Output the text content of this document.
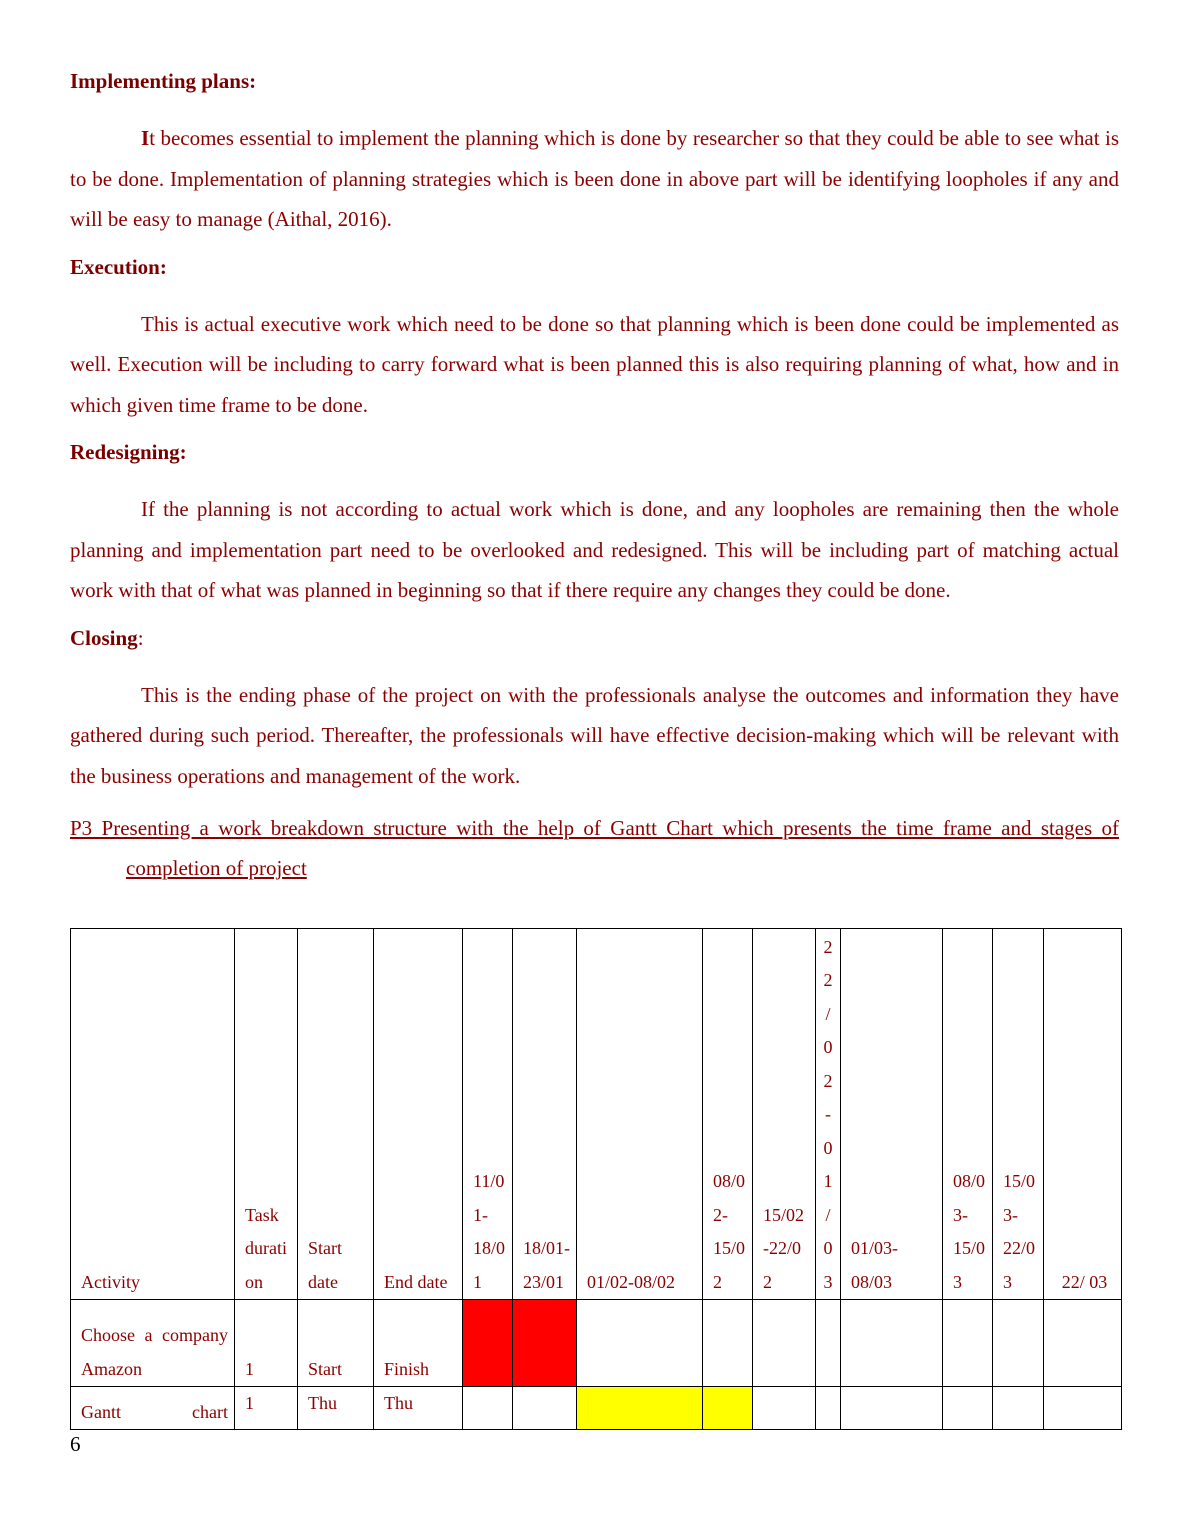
Implementing plans:

It becomes essential to implement the planning which is done by researcher so that they could be able to see what is to be done. Implementation of planning strategies which is been done in above part will be identifying loopholes if any and will be easy to manage (Aithal, 2016).

Execution:

This is actual executive work which need to be done so that planning which is been done could be implemented as well. Execution will be including to carry forward what is been planned this is also requiring planning of what, how and in which given time frame to be done.

Redesigning:

If the planning is not according to actual work which is done, and any loopholes are remaining then the whole planning and implementation part need to be overlooked and redesigned. This will be including part of matching actual work with that of what was planned in beginning so that if there require any changes they could be done.

Closing:

This is the ending phase of the project on with the professionals analyse the outcomes and information they have gathered during such period. Thereafter, the professionals will have effective decision-making which will be relevant with the business operations and management of the work.

P3 Presenting a work breakdown structure with the help of Gantt Chart which presents the time frame and stages of completion of project

Activity	Task duration	Start date	End date	11/01-18/01	18/01-23/01	01/02-08/02	08/02-15/02	15/02-22/02	22/02-01/03	01/03-08/03	08/03-15/03	15/03-22/03	22/ 03
Choose a company Amazon	1	Start	Finish										
Gantt chart	1	Thu	Thu										
6
